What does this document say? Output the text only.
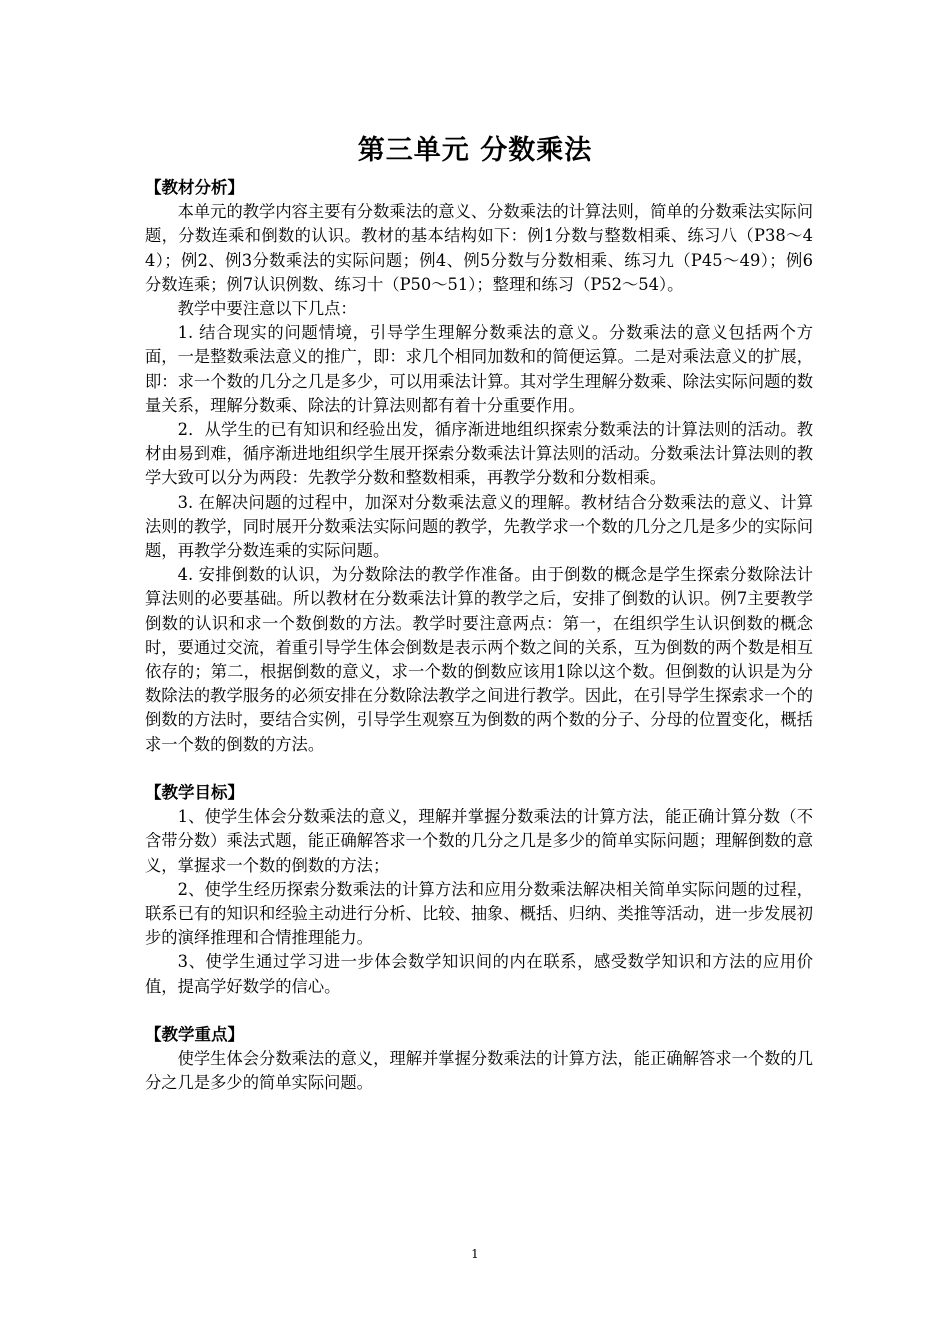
第三单元 分数乘法

【教材分析】

本单元的教学内容主要有分数乘法的意义、分数乘法的计算法则，简单的分数乘法实际问题，分数连乘和倒数的认识。教材的基本结构如下：例1分数与整数相乘、练习八（P38～44）；例2、例3分数乘法的实际问题；例4、例5分数与分数相乘、练习九（P45～49）；例6分数连乘；例7认识例数、练习十（P50～51）；整理和练习（P52～54）。

教学中要注意以下几点：

1. 结合现实的问题情境，引导学生理解分数乘法的意义。分数乘法的意义包括两个方面，一是整数乘法意义的推广，即：求几个相同加数和的简便运算。二是对乘法意义的扩展，即：求一个数的几分之几是多少，可以用乘法计算。其对学生理解分数乘、除法实际问题的数量关系，理解分数乘、除法的计算法则都有着十分重要作用。

2．从学生的已有知识和经验出发，循序渐进地组织探索分数乘法的计算法则的活动。教材由易到难，循序渐进地组织学生展开探索分数乘法计算法则的活动。分数乘法计算法则的教学大致可以分为两段：先教学分数和整数相乘，再教学分数和分数相乘。

3. 在解决问题的过程中，加深对分数乘法意义的理解。教材结合分数乘法的意义、计算法则的教学，同时展开分数乘法实际问题的教学，先教学求一个数的几分之几是多少的实际问题，再教学分数连乘的实际问题。

4. 安排倒数的认识，为分数除法的教学作准备。由于倒数的概念是学生探索分数除法计算法则的必要基础。所以教材在分数乘法计算的教学之后，安排了倒数的认识。例7主要教学倒数的认识和求一个数倒数的方法。教学时要注意两点：第一，在组织学生认识倒数的概念时，要通过交流，着重引导学生体会倒数是表示两个数之间的关系，互为倒数的两个数是相互依存的；第二，根据倒数的意义，求一个数的倒数应该用1除以这个数。但倒数的认识是为分数除法的教学服务的必须安排在分数除法教学之间进行教学。因此，在引导学生探索求一个的倒数的方法时，要结合实例，引导学生观察互为倒数的两个数的分子、分母的位置变化，概括求一个数的倒数的方法。

【教学目标】

1、使学生体会分数乘法的意义，理解并掌握分数乘法的计算方法，能正确计算分数（不含带分数）乘法式题，能正确解答求一个数的几分之几是多少的简单实际问题；理解倒数的意义，掌握求一个数的倒数的方法；

2、使学生经历探索分数乘法的计算方法和应用分数乘法解决相关简单实际问题的过程，联系已有的知识和经验主动进行分析、比较、抽象、概括、归纳、类推等活动，进一步发展初步的演绎推理和合情推理能力。

3、使学生通过学习进一步体会数学知识间的内在联系，感受数学知识和方法的应用价值，提高学好数学的信心。

【教学重点】

使学生体会分数乘法的意义，理解并掌握分数乘法的计算方法，能正确解答求一个数的几分之几是多少的简单实际问题。

1
